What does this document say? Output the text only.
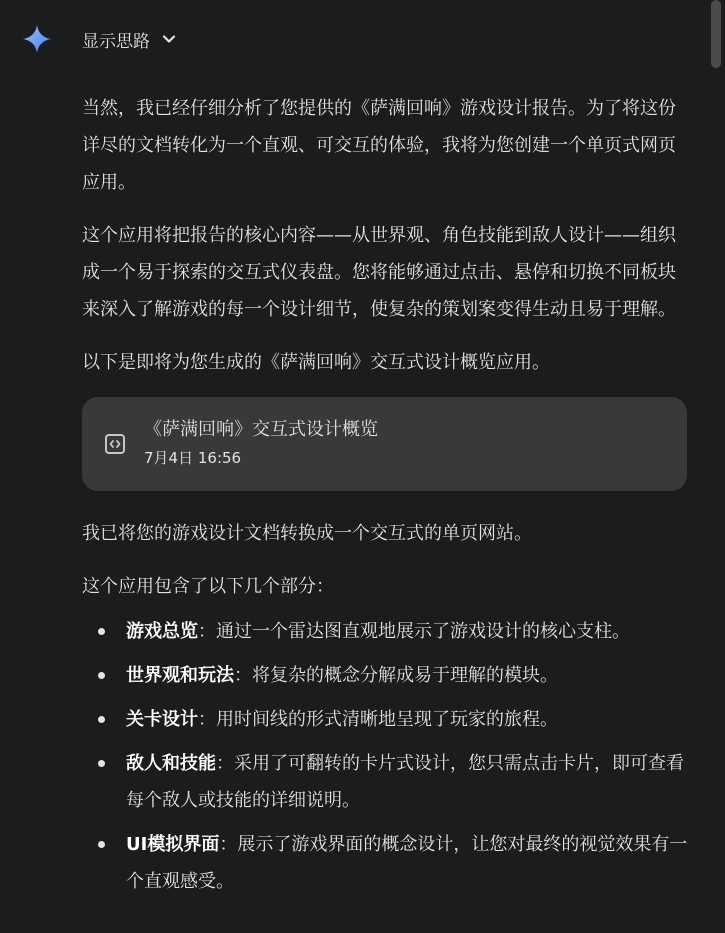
显示思路

当然，我已经仔细分析了您提供的《萨满回响》游戏设计报告。为了将这份详尽的文档转化为一个直观、可交互的体验，我将为您创建一个单页式网页应用。

这个应用将把报告的核心内容——从世界观、角色技能到敌人设计——组织成一个易于探索的交互式仪表盘。您将能够通过点击、悬停和切换不同板块来深入了解游戏的每一个设计细节，使复杂的策划案变得生动且易于理解。

以下是即将为您生成的《萨满回响》交互式设计概览应用。

《萨满回响》交互式设计概览
7月4日 16:56

我已将您的游戏设计文档转换成一个交互式的单页网站。

这个应用包含了以下几个部分：

游戏总览：通过一个雷达图直观地展示了游戏设计的核心支柱。
世界观和玩法：将复杂的概念分解成易于理解的模块。
关卡设计：用时间线的形式清晰地呈现了玩家的旅程。
敌人和技能：采用了可翻转的卡片式设计，您只需点击卡片，即可查看每个敌人或技能的详细说明。
UI模拟界面：展示了游戏界面的概念设计，让您对最终的视觉效果有一个直观感受。
